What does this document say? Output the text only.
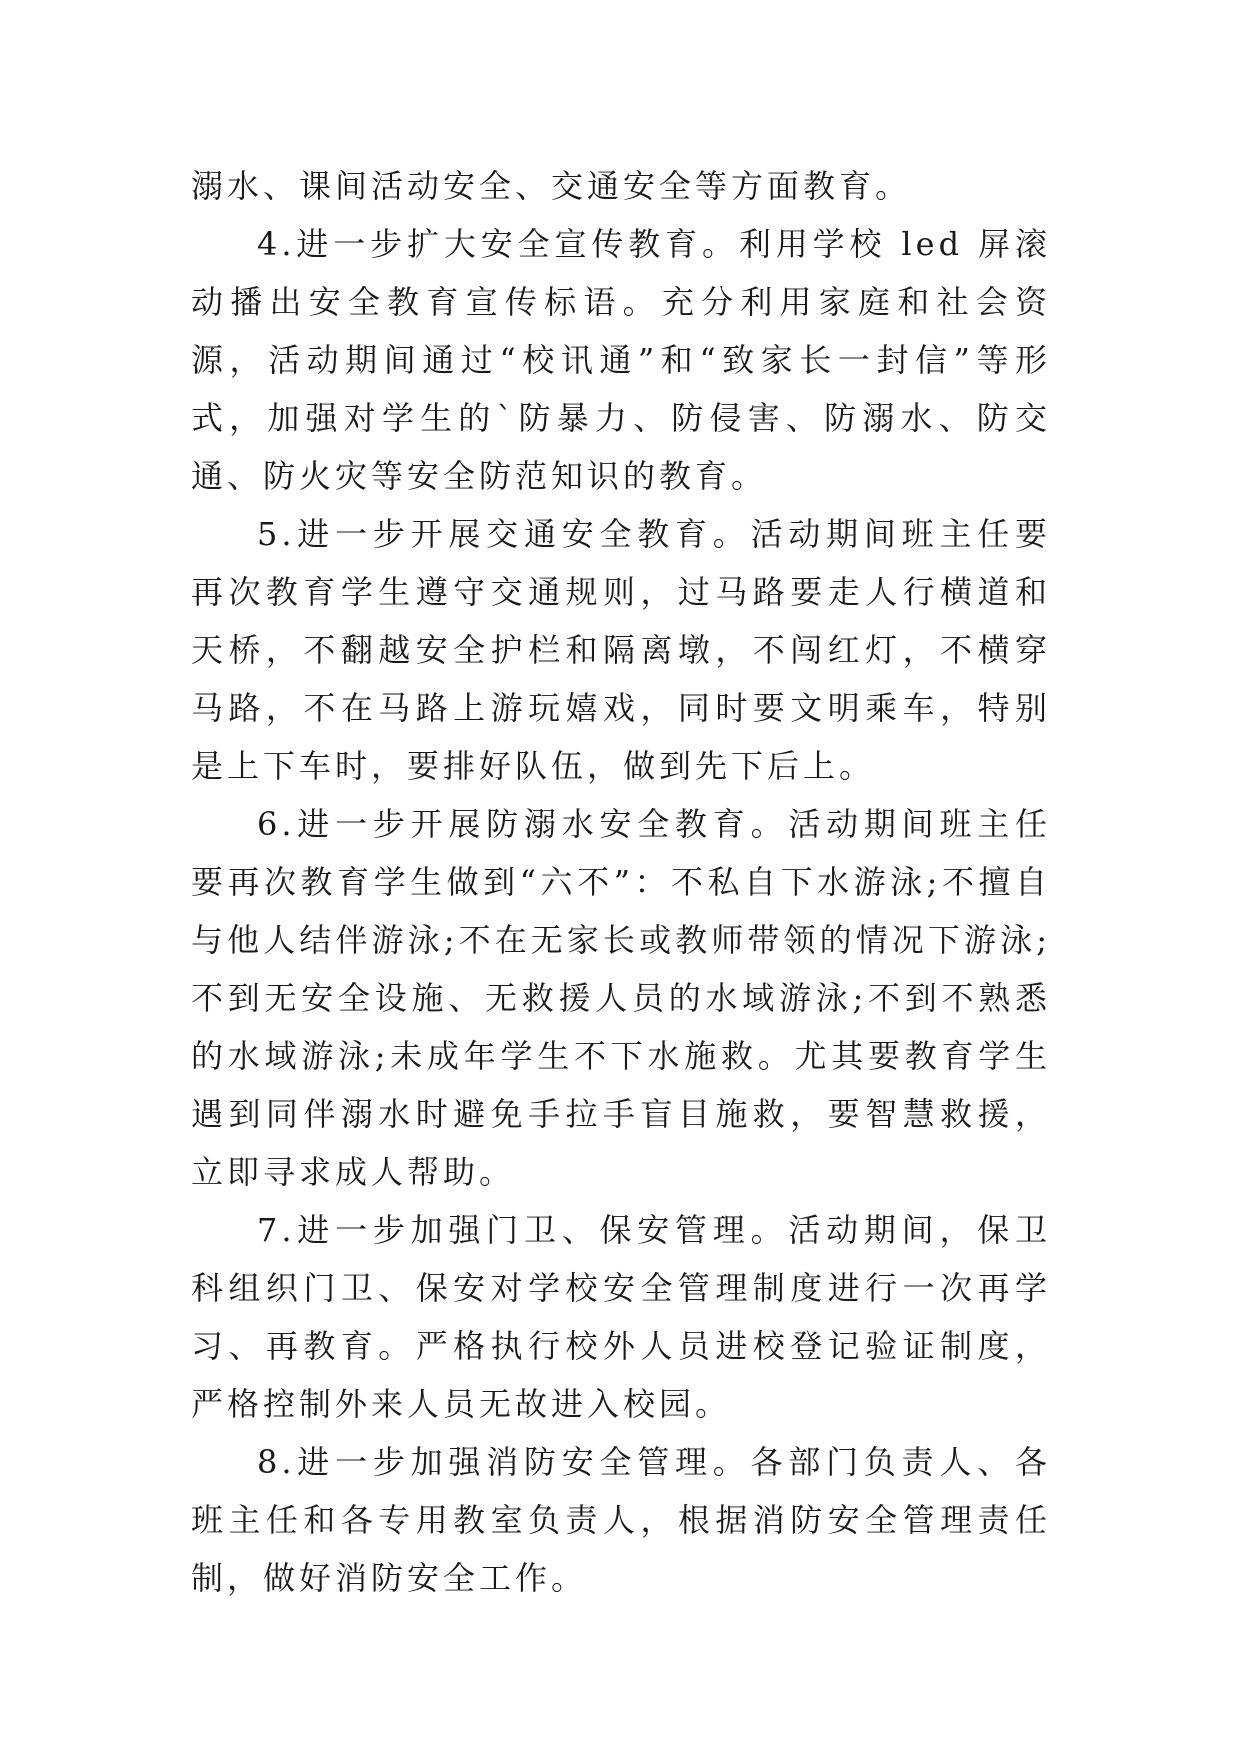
溺水、课间活动安全、交通安全等方面教育。

4.进一步扩大安全宣传教育。利用学校 led 屏滚动播出安全教育宣传标语。充分利用家庭和社会资源，活动期间通过“校讯通”和“致家长一封信”等形式，加强对学生的`防暴力、防侵害、防溺水、防交通、防火灾等安全防范知识的教育。

5.进一步开展交通安全教育。活动期间班主任要再次教育学生遵守交通规则，过马路要走人行横道和天桥，不翻越安全护栏和隔离墩，不闯红灯，不横穿马路，不在马路上游玩嬉戏，同时要文明乘车，特别是上下车时，要排好队伍，做到先下后上。

6.进一步开展防溺水安全教育。活动期间班主任要再次教育学生做到“六不”：不私自下水游泳;不擅自与他人结伴游泳;不在无家长或教师带领的情况下游泳;不到无安全设施、无救援人员的水域游泳;不到不熟悉的水域游泳;未成年学生不下水施救。尤其要教育学生遇到同伴溺水时避免手拉手盲目施救，要智慧救援，立即寻求成人帮助。

7.进一步加强门卫、保安管理。活动期间，保卫科组织门卫、保安对学校安全管理制度进行一次再学习、再教育。严格执行校外人员进校登记验证制度，严格控制外来人员无故进入校园。

8.进一步加强消防安全管理。各部门负责人、各班主任和各专用教室负责人，根据消防安全管理责任制，做好消防安全工作。
